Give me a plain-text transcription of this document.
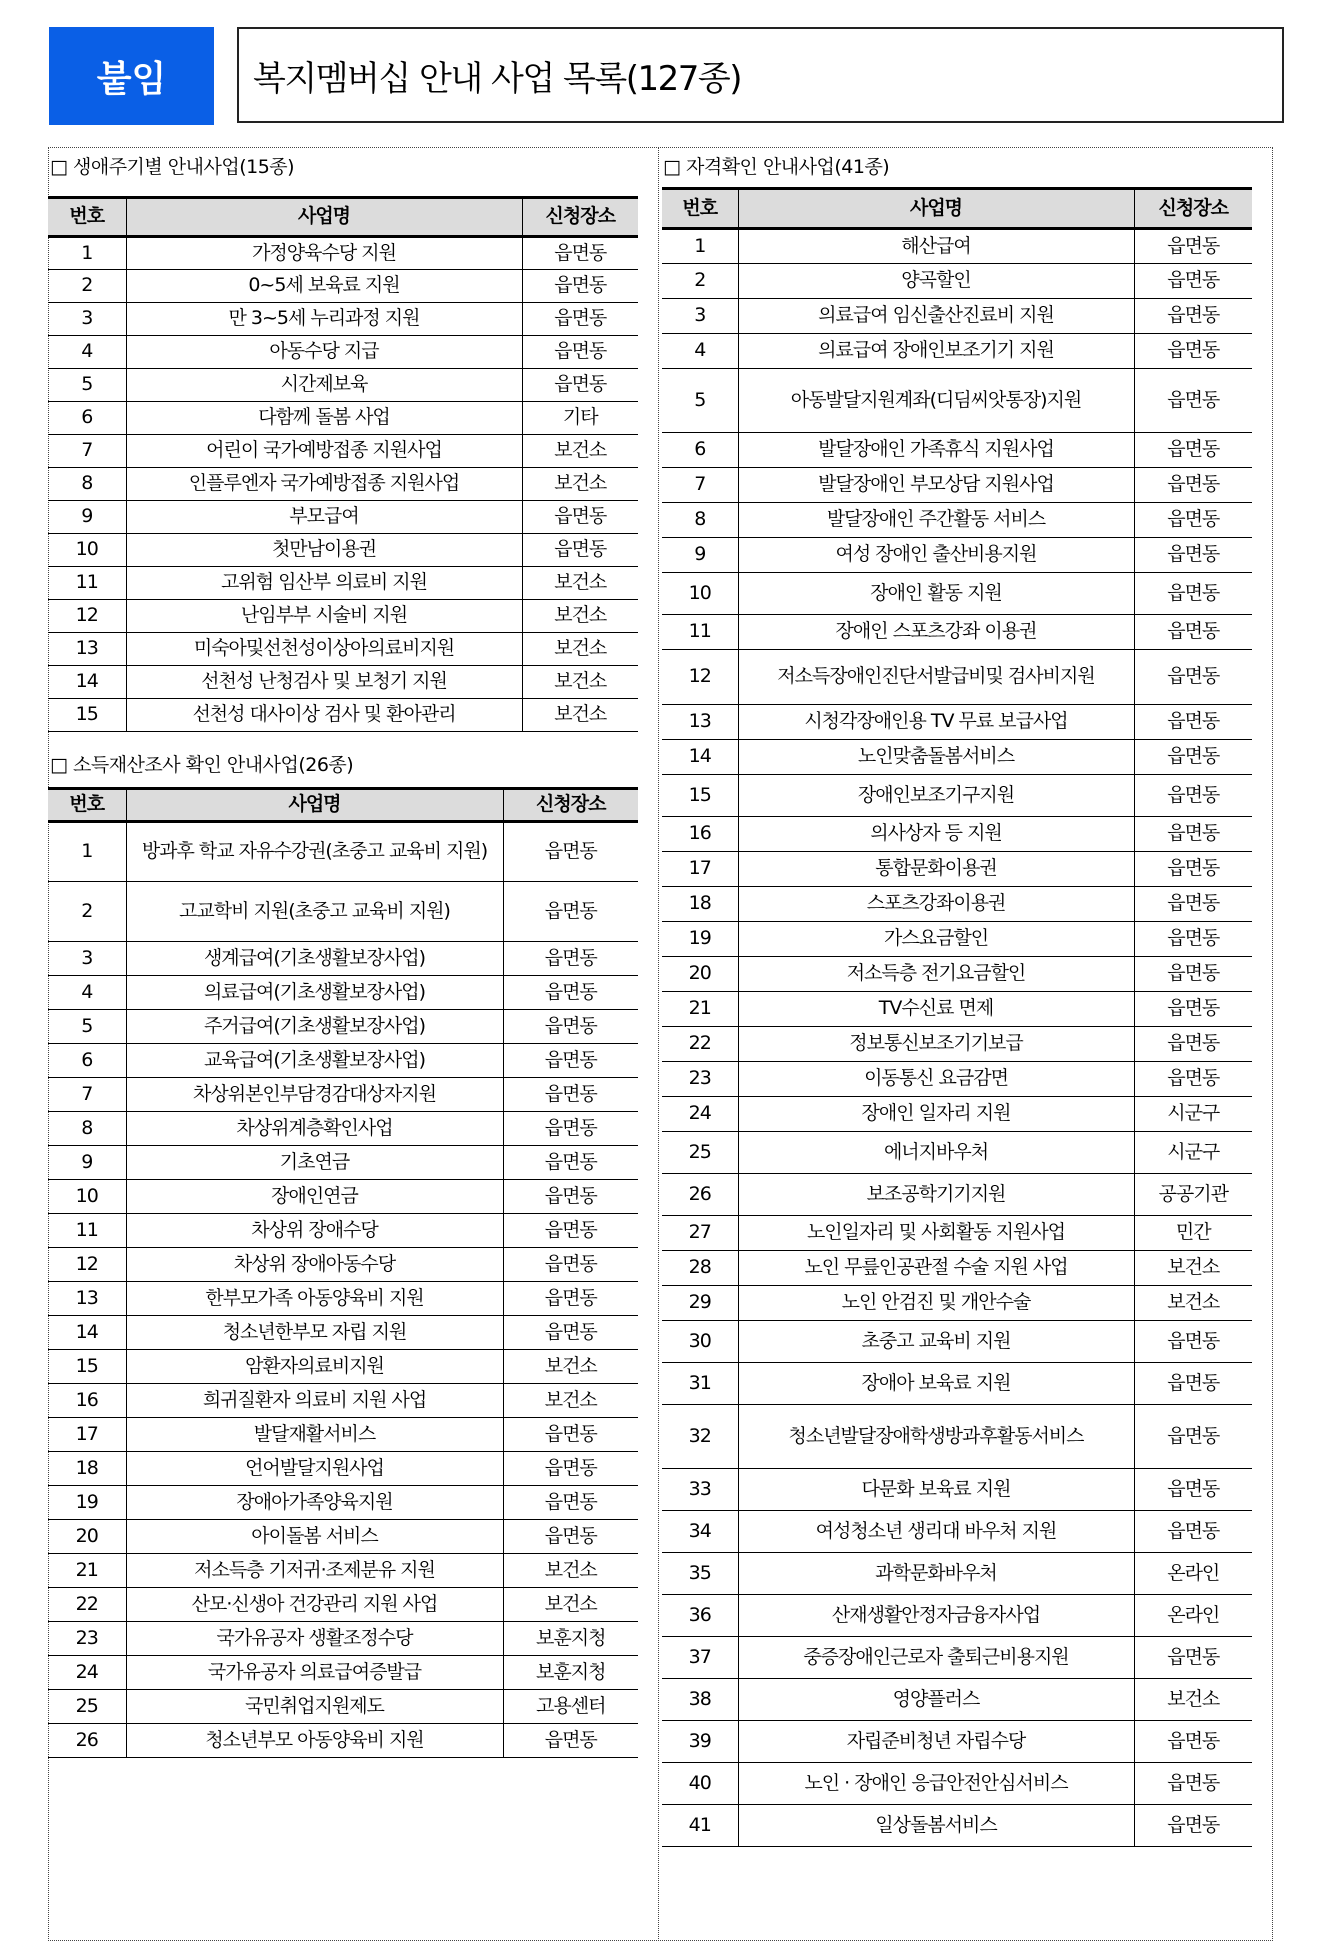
붙임	복지멤버십 안내 사업 목록(127종)
□ 생애주기별 안내사업(15종)
번호	사업명	신청장소
1	가정양육수당 지원	읍면동
2	0~5세 보육료 지원	읍면동
3	만 3~5세 누리과정 지원	읍면동
4	아동수당 지급	읍면동
5	시간제보육	읍면동
6	다함께 돌봄 사업	기타
7	어린이 국가예방접종 지원사업	보건소
8	인플루엔자 국가예방접종 지원사업	보건소
9	부모급여	읍면동
10	첫만남이용권	읍면동
11	고위험 임산부 의료비 지원	보건소
12	난임부부 시술비 지원	보건소
13	미숙아및선천성이상아의료비지원	보건소
14	선천성 난청검사 및 보청기 지원	보건소
15	선천성 대사이상 검사 및 환아관리	보건소
□ 소득재산조사 확인 안내사업(26종)
번호	사업명	신청장소
1	방과후 학교 자유수강권(초중고 교육비 지원)	읍면동
2	고교학비 지원(초중고 교육비 지원)	읍면동
3	생계급여(기초생활보장사업)	읍면동
4	의료급여(기초생활보장사업)	읍면동
5	주거급여(기초생활보장사업)	읍면동
6	교육급여(기초생활보장사업)	읍면동
7	차상위본인부담경감대상자지원	읍면동
8	차상위계층확인사업	읍면동
9	기초연금	읍면동
10	장애인연금	읍면동
11	차상위 장애수당	읍면동
12	차상위 장애아동수당	읍면동
13	한부모가족 아동양육비 지원	읍면동
14	청소년한부모 자립 지원	읍면동
15	암환자의료비지원	보건소
16	희귀질환자 의료비 지원 사업	보건소
17	발달재활서비스	읍면동
18	언어발달지원사업	읍면동
19	장애아가족양육지원	읍면동
20	아이돌봄 서비스	읍면동
21	저소득층 기저귀·조제분유 지원	보건소
22	산모·신생아 건강관리 지원 사업	보건소
23	국가유공자 생활조정수당	보훈지청
24	국가유공자 의료급여증발급	보훈지청
25	국민취업지원제도	고용센터
26	청소년부모 아동양육비 지원	읍면동
□ 자격확인 안내사업(41종)
번호	사업명	신청장소
1	해산급여	읍면동
2	양곡할인	읍면동
3	의료급여 임신출산진료비 지원	읍면동
4	의료급여 장애인보조기기 지원	읍면동
5	아동발달지원계좌(디딤씨앗통장)지원	읍면동
6	발달장애인 가족휴식 지원사업	읍면동
7	발달장애인 부모상담 지원사업	읍면동
8	발달장애인 주간활동 서비스	읍면동
9	여성 장애인 출산비용지원	읍면동
10	장애인 활동 지원	읍면동
11	장애인 스포츠강좌 이용권	읍면동
12	저소득장애인진단서발급비및 검사비지원	읍면동
13	시청각장애인용 TV 무료 보급사업	읍면동
14	노인맞춤돌봄서비스	읍면동
15	장애인보조기구지원	읍면동
16	의사상자 등 지원	읍면동
17	통합문화이용권	읍면동
18	스포츠강좌이용권	읍면동
19	가스요금할인	읍면동
20	저소득층 전기요금할인	읍면동
21	TV수신료 면제	읍면동
22	정보통신보조기기보급	읍면동
23	이동통신 요금감면	읍면동
24	장애인 일자리 지원	시군구
25	에너지바우처	시군구
26	보조공학기기지원	공공기관
27	노인일자리 및 사회활동 지원사업	민간
28	노인 무릎인공관절 수술 지원 사업	보건소
29	노인 안검진 및 개안수술	보건소
30	초중고 교육비 지원	읍면동
31	장애아 보육료 지원	읍면동
32	청소년발달장애학생방과후활동서비스	읍면동
33	다문화 보육료 지원	읍면동
34	여성청소년 생리대 바우처 지원	읍면동
35	과학문화바우처	온라인
36	산재생활안정자금융자사업	온라인
37	중증장애인근로자 출퇴근비용지원	읍면동
38	영양플러스	보건소
39	자립준비청년 자립수당	읍면동
40	노인 · 장애인 응급안전안심서비스	읍면동
41	일상돌봄서비스	읍면동
